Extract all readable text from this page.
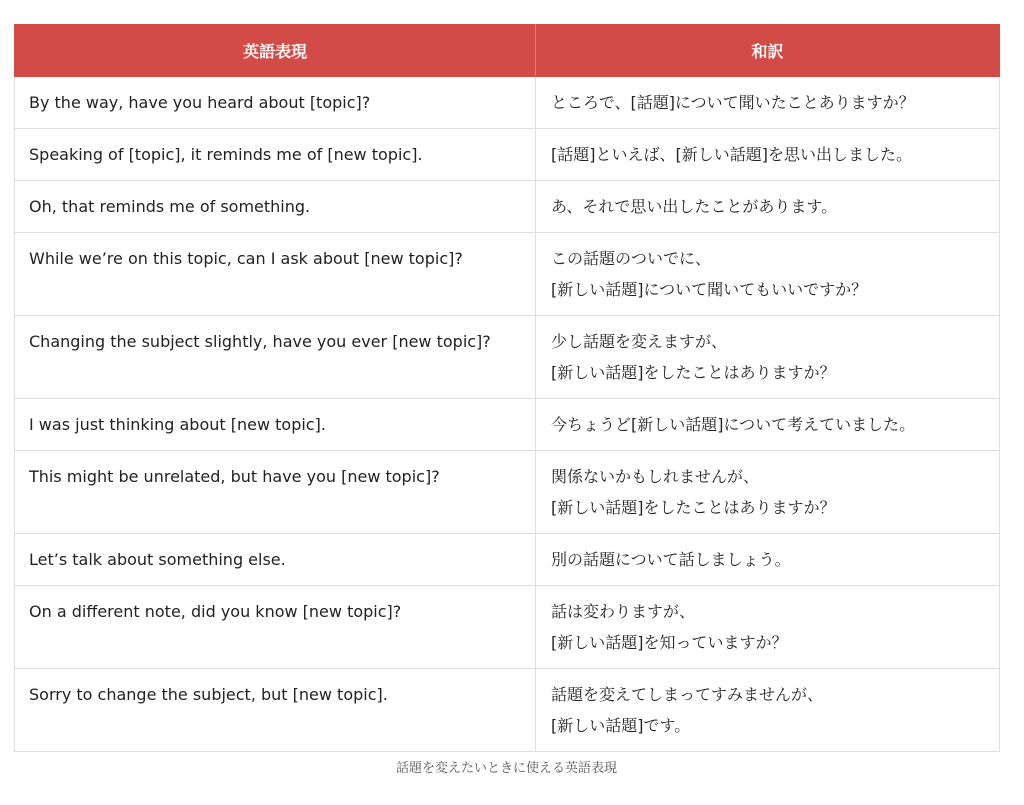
英語表現	和訳

By the way, have you heard about [topic]?	ところで、[話題]について聞いたことありますか？

Speaking of [topic], it reminds me of [new topic].	[話題]といえば、[新しい話題]を思い出しました。

Oh, that reminds me of something.	あ、それで思い出したことがあります。

While we’re on this topic, can I ask about [new topic]?	この話題のついでに、
[新しい話題]について聞いてもいいですか？

Changing the subject slightly, have you ever [new topic]?	少し話題を変えますが、
[新しい話題]をしたことはありますか？

I was just thinking about [new topic].	今ちょうど[新しい話題]について考えていました。

This might be unrelated, but have you [new topic]?	関係ないかもしれませんが、
[新しい話題]をしたことはありますか？

Let’s talk about something else.	別の話題について話しましょう。

On a different note, did you know [new topic]?	話は変わりますが、
[新しい話題]を知っていますか？

Sorry to change the subject, but [new topic].	話題を変えてしまってすみませんが、
[新しい話題]です。
話題を変えたいときに使える英語表現
